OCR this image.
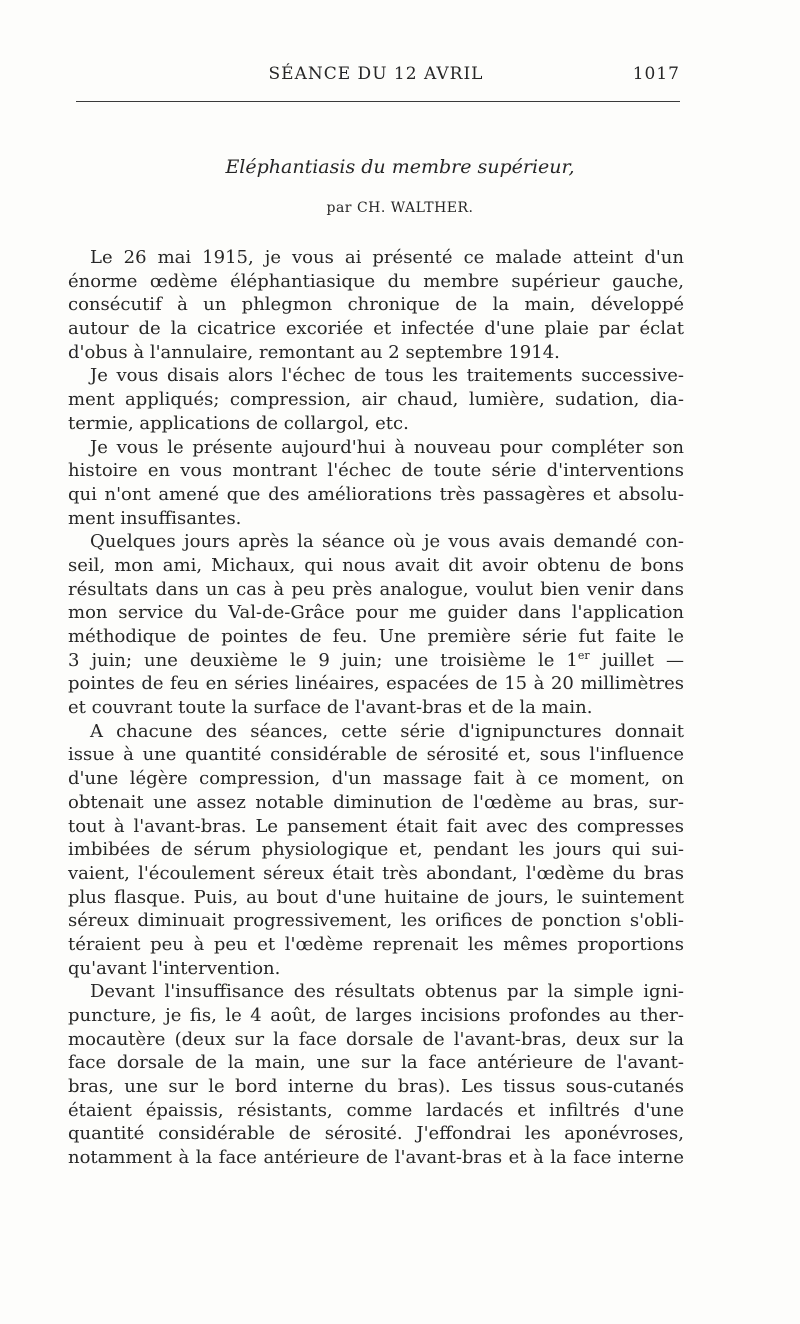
SÉANCE DU 12 AVRIL	1017
Eléphantiasis du membre supérieur,
par CH. WALTHER.
Le 26 mai 1915, je vous ai présenté ce malade atteint d'un
énorme œdème éléphantiasique du membre supérieur gauche,
consécutif à un phlegmon chronique de la main, développé
autour de la cicatrice excoriée et infectée d'une plaie par éclat
d'obus à l'annulaire, remontant au 2 septembre 1914.
Je vous disais alors l'échec de tous les traitements successive-
ment appliqués; compression, air chaud, lumière, sudation, dia-
termie, applications de collargol, etc.
Je vous le présente aujourd'hui à nouveau pour compléter son
histoire en vous montrant l'échec de toute série d'interventions
qui n'ont amené que des améliorations très passagères et absolu-
ment insuffisantes.
Quelques jours après la séance où je vous avais demandé con-
seil, mon ami, Michaux, qui nous avait dit avoir obtenu de bons
résultats dans un cas à peu près analogue, voulut bien venir dans
mon service du Val-de-Grâce pour me guider dans l'application
méthodique de pointes de feu. Une première série fut faite le
3 juin; une deuxième le 9 juin; une troisième le 1er juillet —
pointes de feu en séries linéaires, espacées de 15 à 20 millimètres
et couvrant toute la surface de l'avant-bras et de la main.
A chacune des séances, cette série d'ignipunctures donnait
issue à une quantité considérable de sérosité et, sous l'influence
d'une légère compression, d'un massage fait à ce moment, on
obtenait une assez notable diminution de l'œdème au bras, sur-
tout à l'avant-bras. Le pansement était fait avec des compresses
imbibées de sérum physiologique et, pendant les jours qui sui-
vaient, l'écoulement séreux était très abondant, l'œdème du bras
plus flasque. Puis, au bout d'une huitaine de jours, le suintement
séreux diminuait progressivement, les orifices de ponction s'obli-
téraient peu à peu et l'œdème reprenait les mêmes proportions
qu'avant l'intervention.
Devant l'insuffisance des résultats obtenus par la simple igni-
puncture, je fis, le 4 août, de larges incisions profondes au ther-
mocautère (deux sur la face dorsale de l'avant-bras, deux sur la
face dorsale de la main, une sur la face antérieure de l'avant-
bras, une sur le bord interne du bras). Les tissus sous-cutanés
étaient épaissis, résistants, comme lardacés et infiltrés d'une
quantité considérable de sérosité. J'effondrai les aponévroses,
notamment à la face antérieure de l'avant-bras et à la face interne
